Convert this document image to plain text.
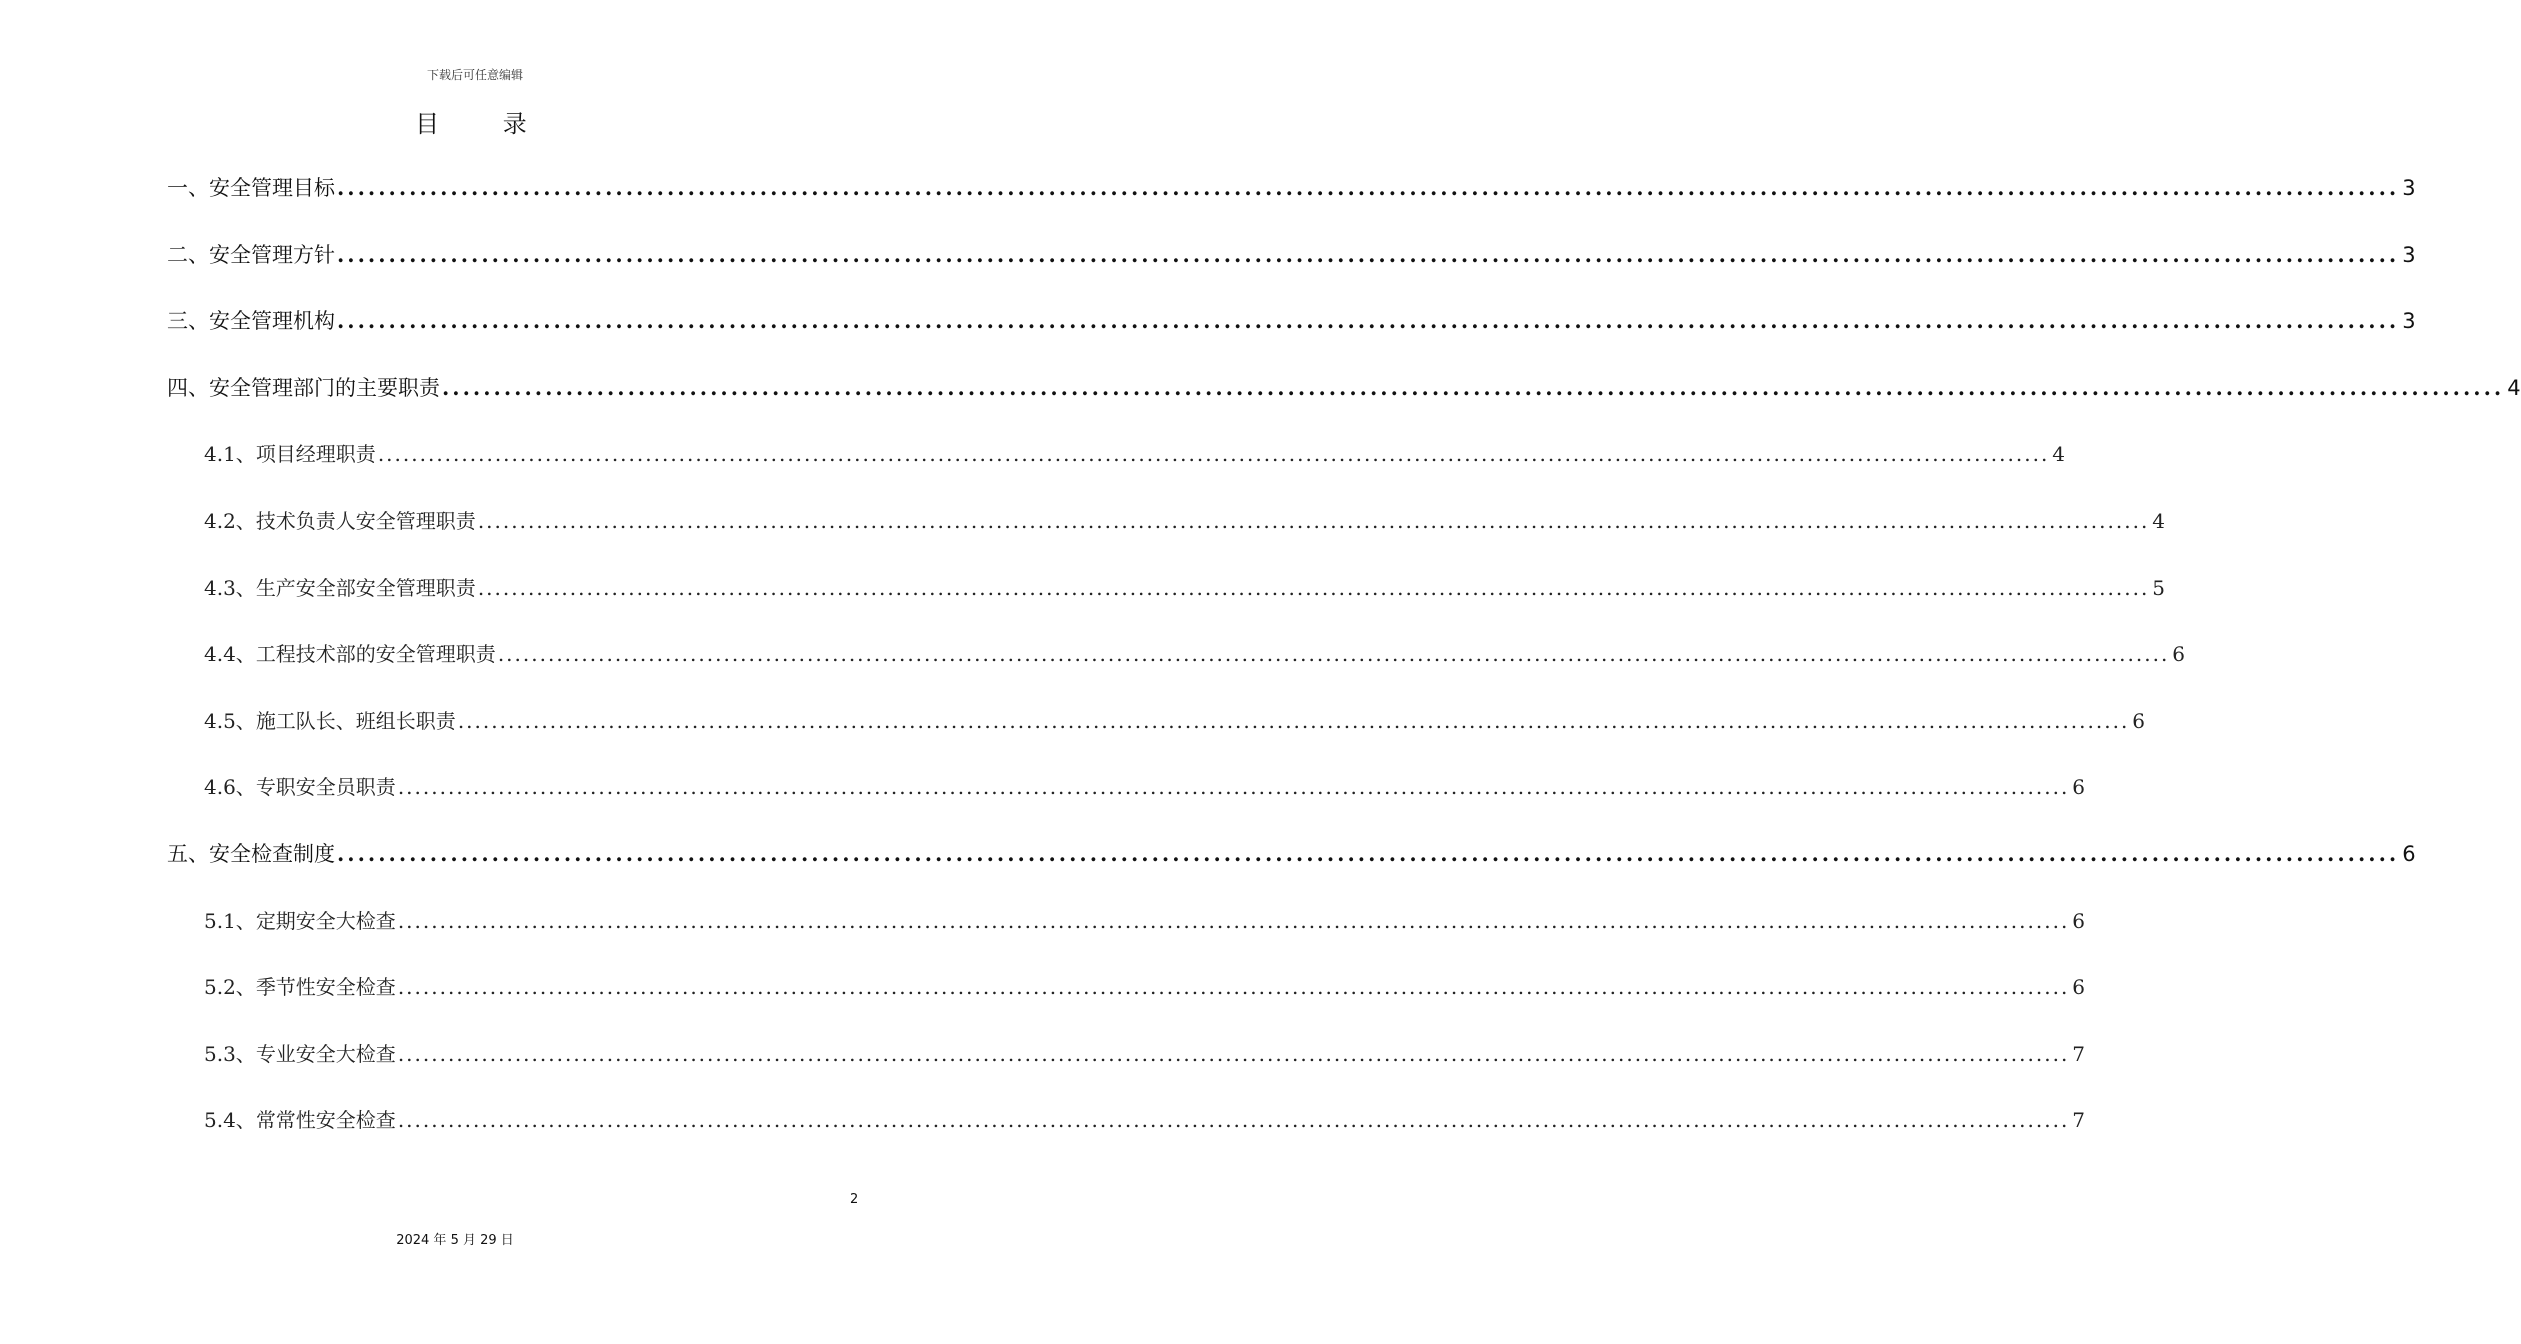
下载后可任意编辑
目 录
一、 安全管理目标 ........................................................................................................................................................................................................ 3
二、 安全管理方针 ........................................................................................................................................................................................................ 3
三、 安全管理机构 ........................................................................................................................................................................................................ 3
四、 安全管理部门的主要职责 ........................................................................................................................................................................................................ 4
4.1、 项目经理职责 ........................................................................................................................................................................................................ 4
4.2、 技术负责人安全管理职责 ........................................................................................................................................................................................................ 4
4.3、 生产安全部安全管理职责 ........................................................................................................................................................................................................ 5
4.4、 工程技术部的安全管理职责 ........................................................................................................................................................................................................ 6
4.5、 施工队长、班组长职责 ........................................................................................................................................................................................................ 6
4.6、 专职安全员职责 ........................................................................................................................................................................................................ 6
五、 安全检查制度 ........................................................................................................................................................................................................ 6
5.1、 定期安全大检查 ........................................................................................................................................................................................................ 6
5.2、 季节性安全检查 ........................................................................................................................................................................................................ 6
5.3、 专业安全大检查 ........................................................................................................................................................................................................ 7
5.4、 常常性安全检查 ........................................................................................................................................................................................................ 7
2
2024 年 5 月 29 日
